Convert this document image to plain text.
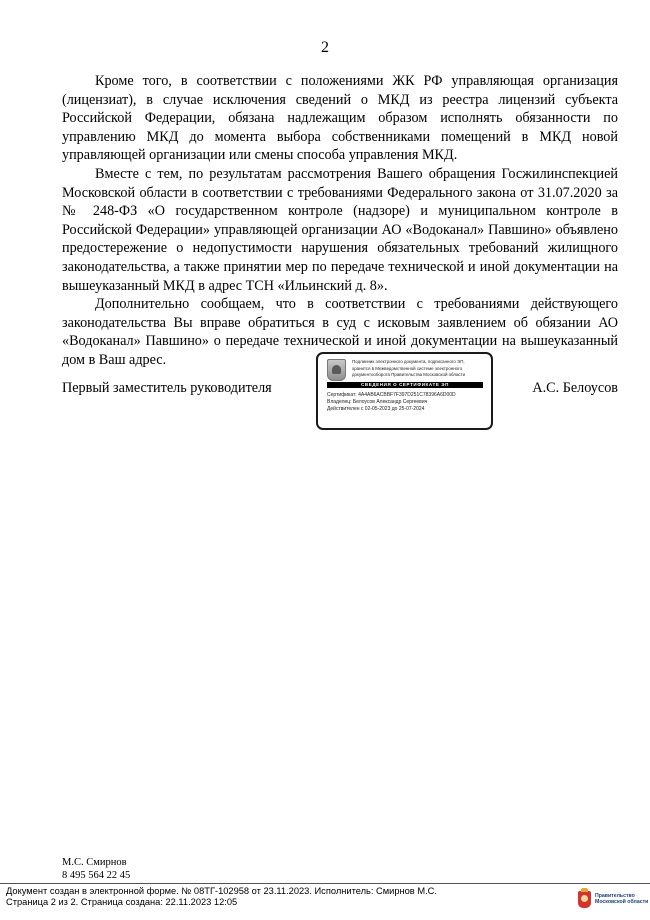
2

Кроме того, в соответствии с положениями ЖК РФ управляющая организация (лицензиат), в случае исключения сведений о МКД из реестра лицензий субъекта Российской Федерации, обязана надлежащим образом исполнять обязанности по управлению МКД до момента выбора собственниками помещений в МКД новой управляющей организации или смены способа управления МКД.

Вместе с тем, по результатам рассмотрения Вашего обращения Госжилинспекцией Московской области в соответствии с требованиями Федерального закона от 31.07.2020 за № 248-ФЗ «О государственном контроле (надзоре) и муниципальном контроле в Российской Федерации» управляющей организации АО «Водоканал» Павшино» объявлено предостережение о недопустимости нарушения обязательных требований жилищного законодательства, а также принятии мер по передаче технической и иной документации на вышеуказанный МКД в адрес ТСН «Ильинский д. 8».

Дополнительно сообщаем, что в соответствии с требованиями действующего законодательства Вы вправе обратиться в суд с исковым заявлением об обязании АО «Водоканал» Павшино» о передаче технической и иной документации на вышеуказанный дом в Ваш адрес.

Первый заместитель руководителя	А.С. Белоусов
Подлинник электронного документа, подписанного ЭП,
хранится в Межведомственной системе электронного
документооборота Правительства Московской области
СВЕДЕНИЯ О СЕРТИФИКАТЕ ЭП
Сертификат: 4A4AB6ACBBF7F397D251C78396A6D00D
Владелец: Белоусов Александр Сергеевич
Действителен с 02-05-2023 до 25-07-2024
М.С. Смирнов
8 495 564 22 45
Документ создан в электронной форме. № 08ТГ-102958 от 23.11.2023. Исполнитель: Смирнов М.С.
Страница 2 из 2. Страница создана: 22.11.2023 12:05
Правительство
Московской области
